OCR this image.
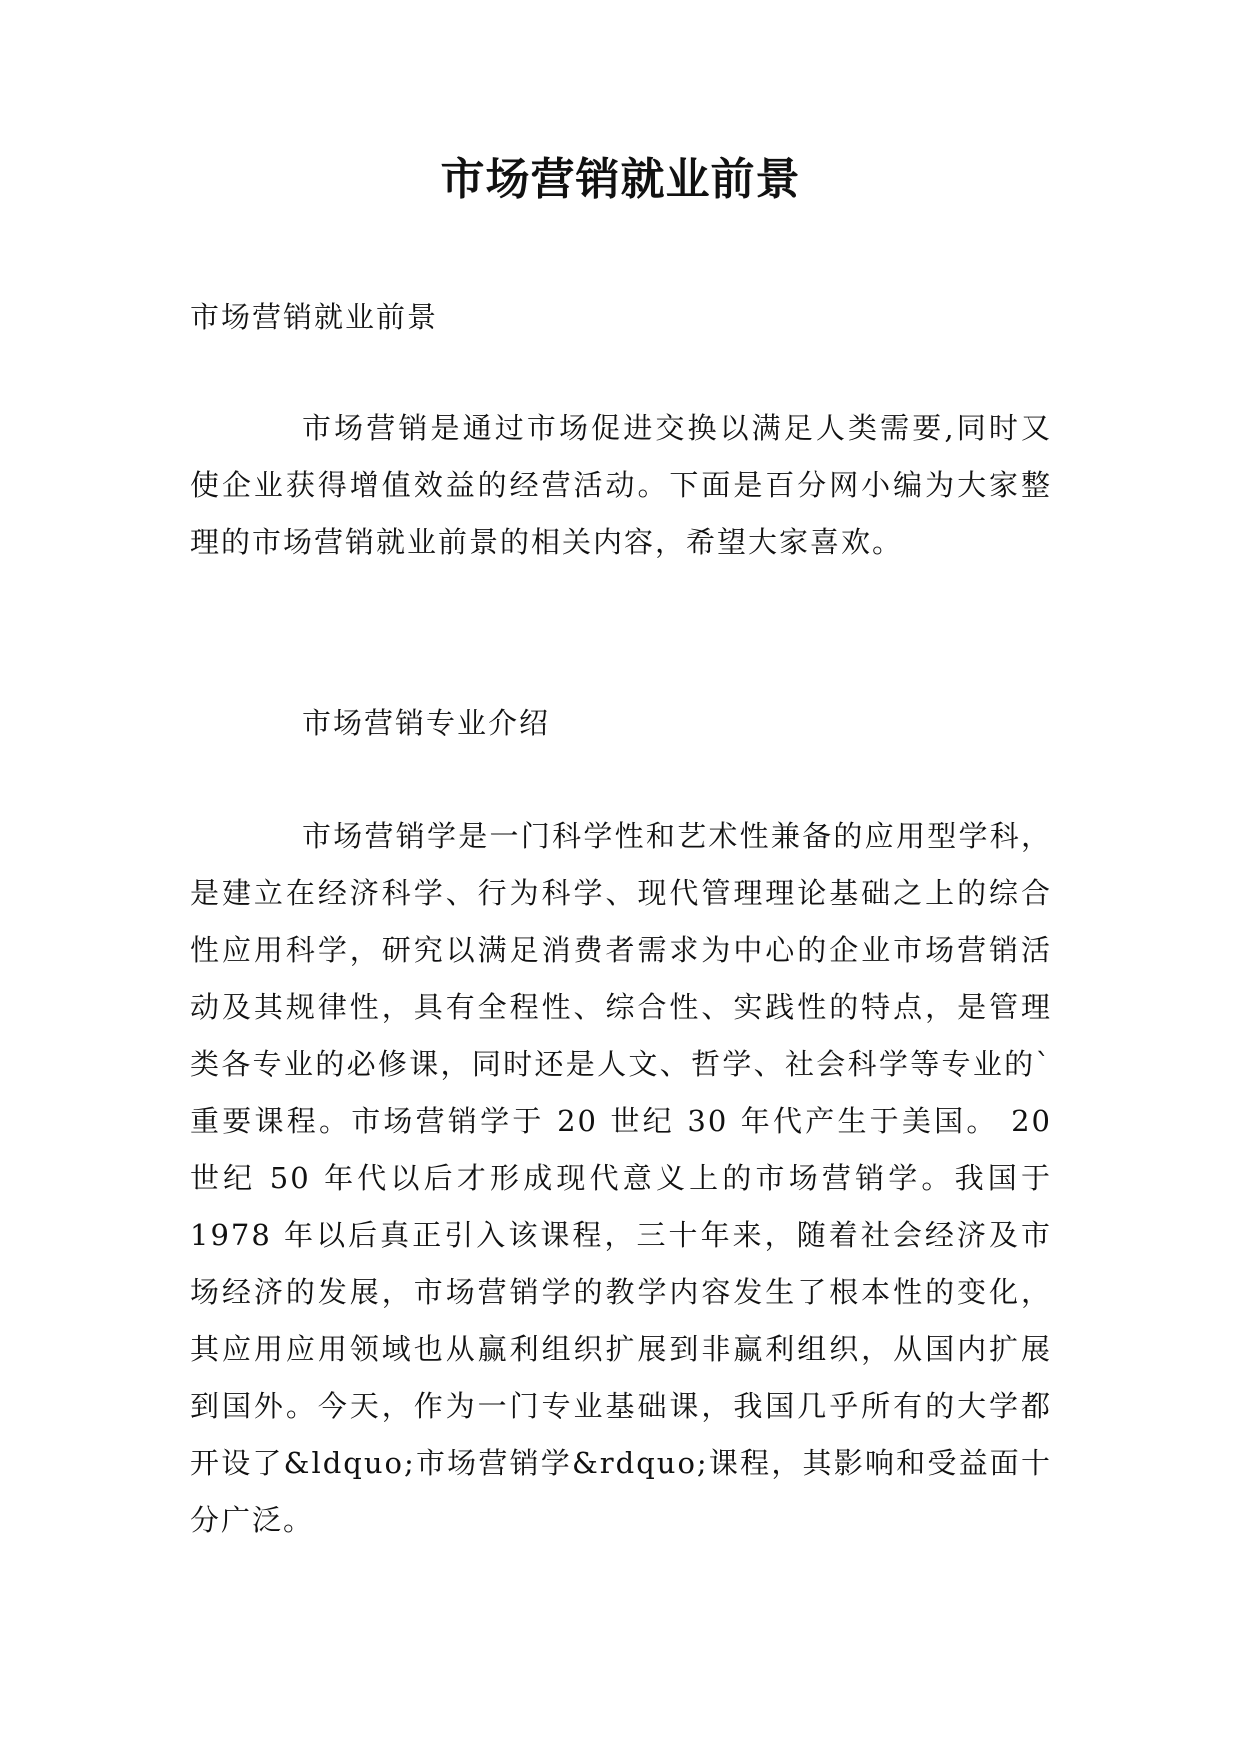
市场营销就业前景

市场营销就业前景

市场营销是通过市场促进交换以满足人类需要,同时又使企业获得增值效益的经营活动。下面是百分网小编为大家整理的市场营销就业前景的相关内容，希望大家喜欢。

市场营销专业介绍

市场营销学是一门科学性和艺术性兼备的应用型学科，是建立在经济科学、行为科学、现代管理理论基础之上的综合性应用科学，研究以满足消费者需求为中心的企业市场营销活动及其规律性，具有全程性、综合性、实践性的特点，是管理类各专业的必修课，同时还是人文、哲学、社会科学等专业的`重要课程。市场营销学于 20 世纪 30 年代产生于美国。 20 世纪 50 年代以后才形成现代意义上的市场营销学。我国于 1978 年以后真正引入该课程，三十年来，随着社会经济及市场经济的发展，市场营销学的教学内容发生了根本性的变化，其应用应用领域也从赢利组织扩展到非赢利组织，从国内扩展到国外。今天，作为一门专业基础课，我国几乎所有的大学都开设了&ldquo;市场营销学&rdquo;课程，其影响和受益面十分广泛。
